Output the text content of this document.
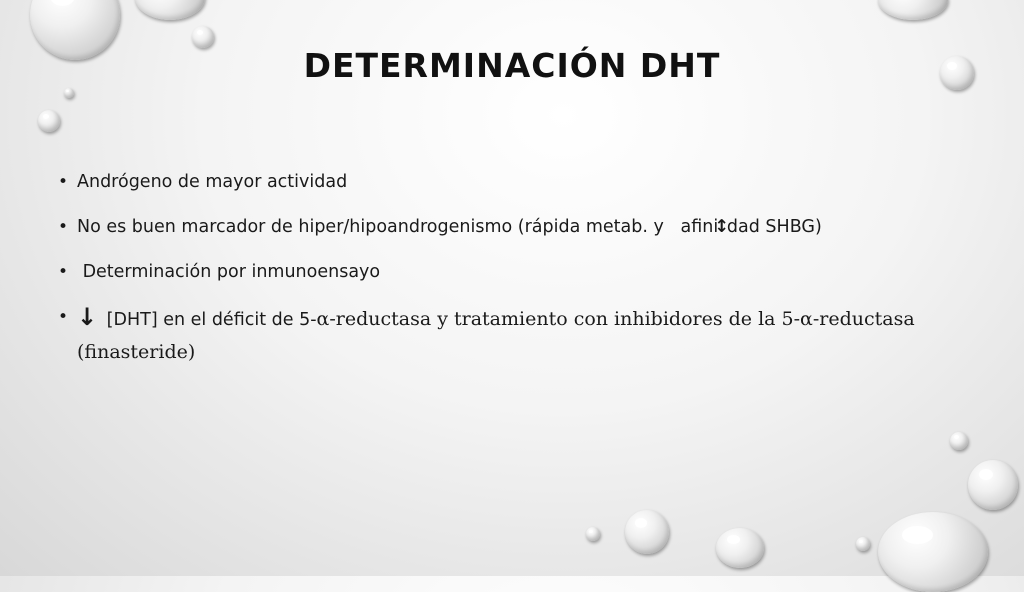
DETERMINACIÓN DHT
• Andrógeno de mayor actividad
• No es buen marcador de hiper/hipoandrogenismo (rápida metab. y   afini↕dad SHBG)
• Determinación por inmunoensayo
• ↓ [DHT] en el déficit de 5-α-reductasa y tratamiento con inhibidores de la 5-α-reductasa (finasteride)
